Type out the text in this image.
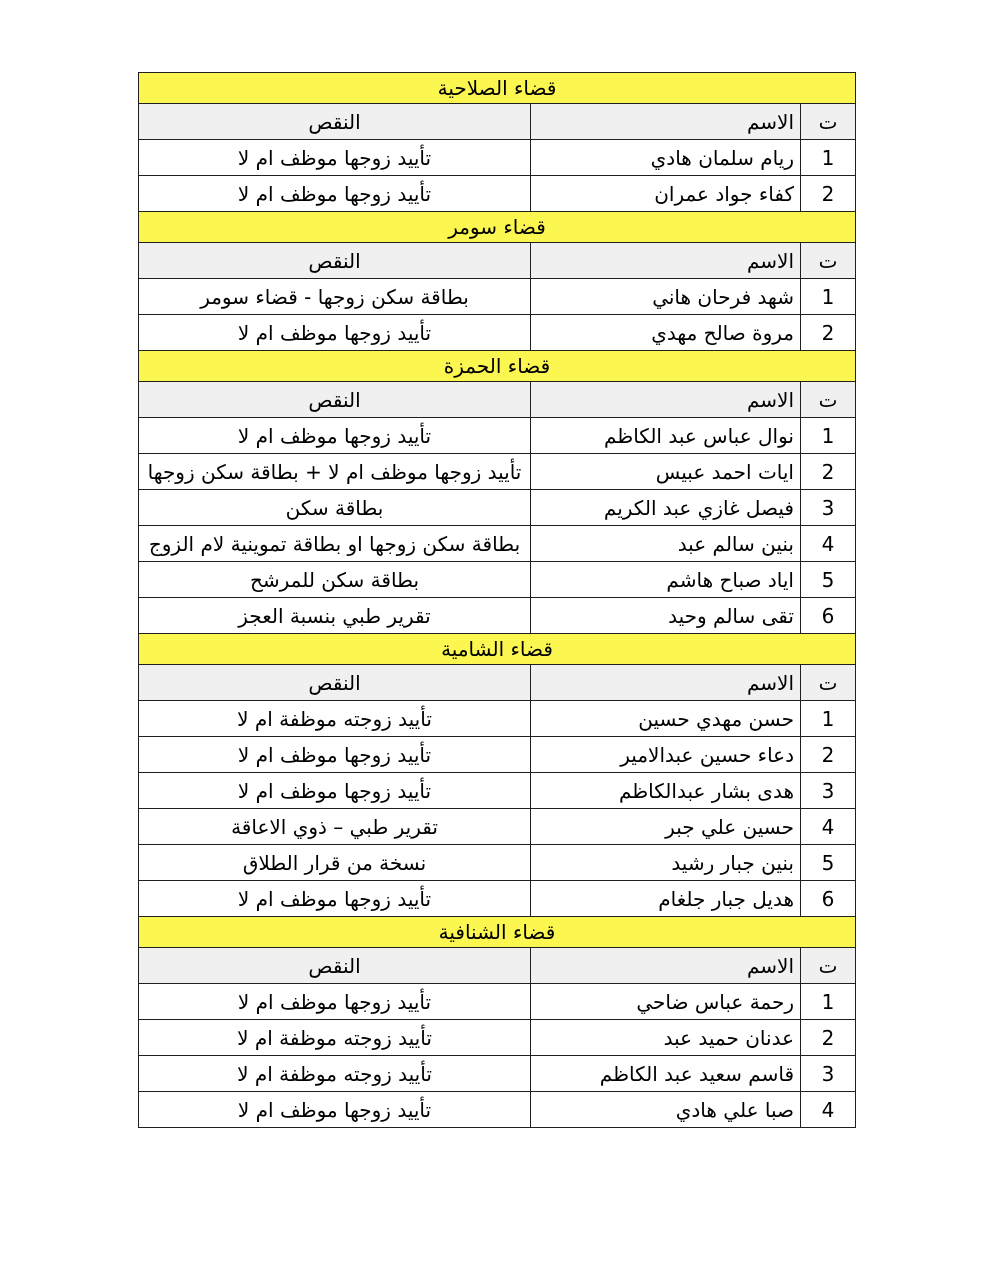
قضاء الصلاحية		
ت	الاسم	النقص
1	ريام سلمان هادي	تأييد زوجها موظف ام لا
2	كفاء جواد عمران	تأييد زوجها موظف ام لا
قضاء سومر		
ت	الاسم	النقص
1	شهد فرحان هاني	بطاقة سكن زوجها - قضاء سومر
2	مروة صالح مهدي	تأييد زوجها موظف ام لا
قضاء الحمزة		
ت	الاسم	النقص
1	نوال عباس عبد الكاظم	تأييد زوجها موظف ام لا
2	ايات احمد عبيس	تأييد زوجها موظف ام لا + بطاقة سكن زوجها
3	فيصل غازي عبد الكريم	بطاقة سكن
4	بنين سالم عبد	بطاقة سكن زوجها او بطاقة تموينية لام الزوج
5	اياد صباح هاشم	بطاقة سكن للمرشح
6	تقى سالم وحيد	تقرير طبي بنسبة العجز
قضاء الشامية		
ت	الاسم	النقص
1	حسن مهدي حسين	تأييد زوجته موظفة ام لا
2	دعاء حسين عبدالامير	تأييد زوجها موظف ام لا
3	هدى بشار عبدالكاظم	تأييد زوجها موظف ام لا
4	حسين علي جبر	تقرير طبي – ذوي الاعاقة
5	بنين جبار رشيد	نسخة من قرار الطلاق
6	هديل جبار جلغام	تأييد زوجها موظف ام لا
قضاء الشنافية		
ت	الاسم	النقص
1	رحمة عباس ضاحي	تأييد زوجها موظف ام لا
2	عدنان حميد عبد	تأييد زوجته موظفة ام لا
3	قاسم سعيد عبد الكاظم	تأييد زوجته موظفة ام لا
4	صبا علي هادي	تأييد زوجها موظف ام لا
